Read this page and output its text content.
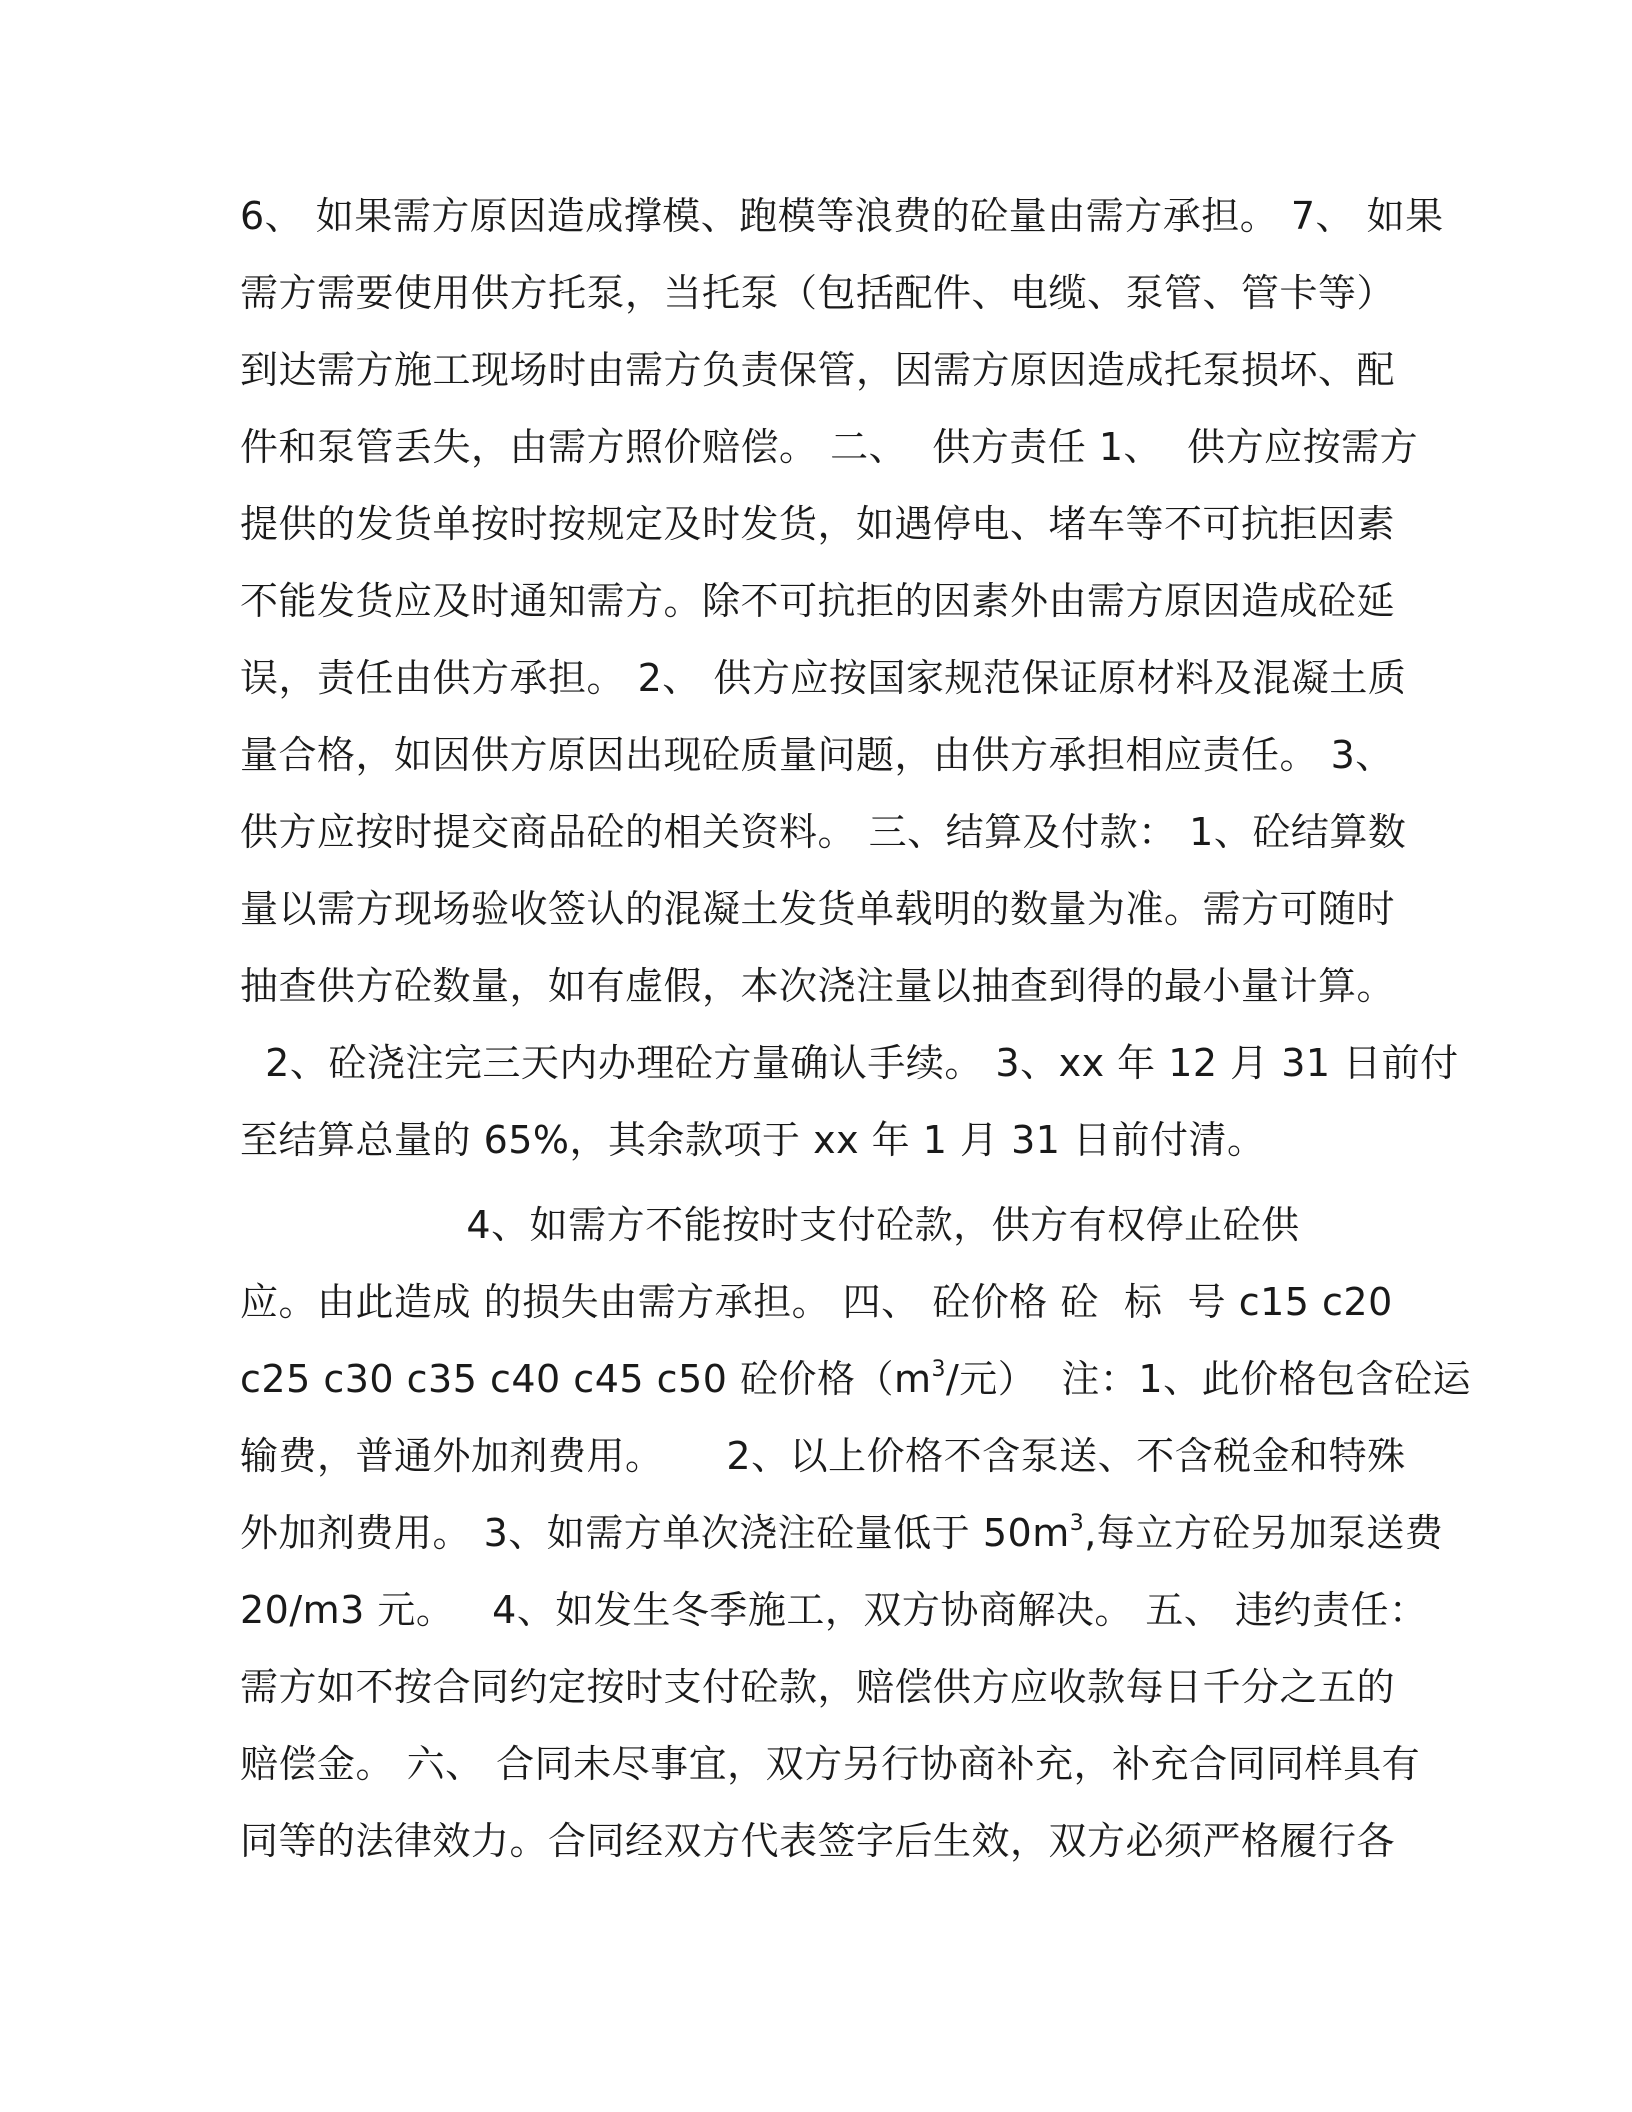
6、 如果需方原因造成撑模、跑模等浪费的砼量由需方承担。 7、 如果
需方需要使用供方托泵，当托泵（包括配件、电缆、泵管、管卡等）
到达需方施工现场时由需方负责保管，因需方原因造成托泵损坏、配
件和泵管丢失，由需方照价赔偿。 二、  供方责任 1、  供方应按需方
提供的发货单按时按规定及时发货，如遇停电、堵车等不可抗拒因素
不能发货应及时通知需方。除不可抗拒的因素外由需方原因造成砼延
误，责任由供方承担。 2、 供方应按国家规范保证原材料及混凝土质
量合格，如因供方原因出现砼质量问题，由供方承担相应责任。 3、
供方应按时提交商品砼的相关资料。 三、结算及付款： 1、砼结算数
量以需方现场验收签认的混凝土发货单载明的数量为准。需方可随时
抽查供方砼数量，如有虚假，本次浇注量以抽查到得的最小量计算。
2、砼浇注完三天内办理砼方量确认手续。 3、xx 年 12 月 31 日前付
至结算总量的 65%，其余款项于 xx 年 1 月 31 日前付清。
4、如需方不能按时支付砼款，供方有权停止砼供
应。由此造成 的损失由需方承担。 四、 砼价格 砼  标  号 c15 c20
c25 c30 c35 c40 c45 c50 砼价格（$m^3/$元）  注：1、此价格包含砼运
输费，普通外加剂费用。     2、以上价格不含泵送、不含税金和特殊
外加剂费用。 3、如需方单次浇注砼量低于 $50m^3$,每立方砼另加泵送费
20/m3 元。   4、如发生冬季施工，双方协商解决。 五、 违约责任：
需方如不按合同约定按时支付砼款，赔偿供方应收款每日千分之五的
赔偿金。 六、 合同未尽事宜，双方另行协商补充，补充合同同样具有
同等的法律效力。合同经双方代表签字后生效，双方必须严格履行各
